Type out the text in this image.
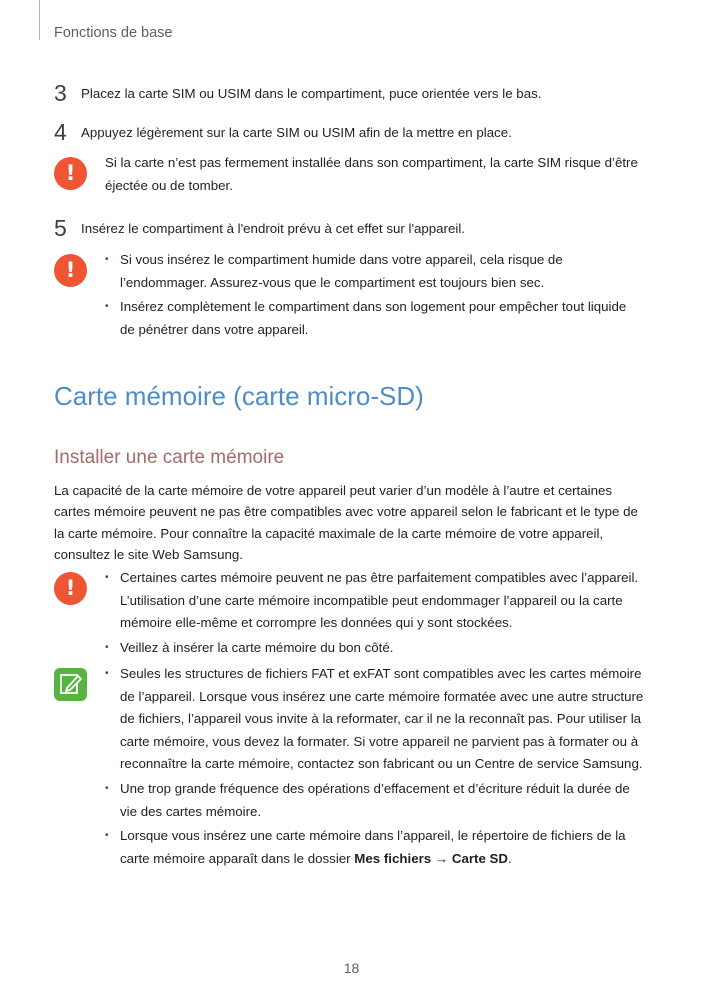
Fonctions de base
3 Placez la carte SIM ou USIM dans le compartiment, puce orientée vers le bas.
4 Appuyez légèrement sur la carte SIM ou USIM afin de la mettre en place.
!

Si la carte n’est pas fermement installée dans son compartiment, la carte SIM risque d’être éjectée ou de tomber.

5 Insérez le compartiment à l'endroit prévu à cet effet sur l'appareil.
!
• Si vous insérez le compartiment humide dans votre appareil, cela risque de l’endommager. Assurez-vous que le compartiment est toujours bien sec.
• Insérez complètement le compartiment dans son logement pour empêcher tout liquide de pénétrer dans votre appareil.
Carte mémoire (carte micro-SD)
Installer une carte mémoire

La capacité de la carte mémoire de votre appareil peut varier d’un modèle à l’autre et certaines cartes mémoire peuvent ne pas être compatibles avec votre appareil selon le fabricant et le type de la carte mémoire. Pour connaître la capacité maximale de la carte mémoire de votre appareil, consultez le site Web Samsung.

!
• Certaines cartes mémoire peuvent ne pas être parfaitement compatibles avec l’appareil. L’utilisation d’une carte mémoire incompatible peut endommager l’appareil ou la carte mémoire elle-même et corrompre les données qui y sont stockées.
• Veillez à insérer la carte mémoire du bon côté.
• Seules les structures de fichiers FAT et exFAT sont compatibles avec les cartes mémoire de l’appareil. Lorsque vous insérez une carte mémoire formatée avec une autre structure de fichiers, l’appareil vous invite à la reformater, car il ne la reconnaît pas. Pour utiliser la carte mémoire, vous devez la formater. Si votre appareil ne parvient pas à formater ou à reconnaître la carte mémoire, contactez son fabricant ou un Centre de service Samsung.
• Une trop grande fréquence des opérations d’effacement et d’écriture réduit la durée de vie des cartes mémoire.
• Lorsque vous insérez une carte mémoire dans l’appareil, le répertoire de fichiers de la carte mémoire apparaît dans le dossier Mes fichiers → Carte SD.
18
